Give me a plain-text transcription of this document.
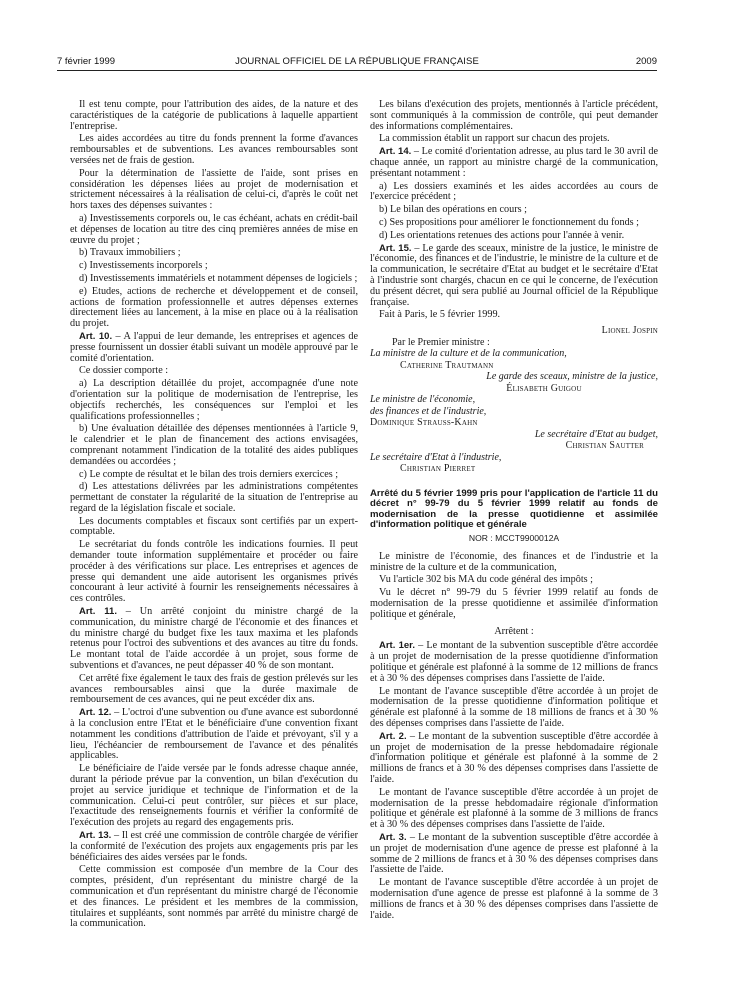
7 février 1999	JOURNAL OFFICIEL DE LA RÉPUBLIQUE FRANÇAISE	2009

Il est tenu compte, pour l'attribution des aides, de la nature et des caractéristiques de la catégorie de publications à laquelle appartient l'entreprise.

Les aides accordées au titre du fonds prennent la forme d'avances remboursables et de subventions. Les avances remboursables sont versées net de frais de gestion.

Pour la détermination de l'assiette de l'aide, sont prises en considération les dépenses liées au projet de modernisation et strictement nécessaires à la réalisation de celui-ci, d'après le coût net hors taxes des dépenses suivantes :

a) Investissements corporels ou, le cas échéant, achats en crédit-bail et dépenses de location au titre des cinq premières années de mise en œuvre du projet ;

b) Travaux immobiliers ;

c) Investissements incorporels ;

d) Investissements immatériels et notamment dépenses de logiciels ;

e) Etudes, actions de recherche et développement et de conseil, actions de formation professionnelle et autres dépenses externes directement liées au lancement, à la mise en place ou à la réalisation du projet.

Art. 10. – A l'appui de leur demande, les entreprises et agences de presse fournissent un dossier établi suivant un modèle approuvé par le comité d'orientation.

Ce dossier comporte :

a) La description détaillée du projet, accompagnée d'une note d'orientation sur la politique de modernisation de l'entreprise, les objectifs recherchés, les conséquences sur l'emploi et les qualifications professionnelles ;

b) Une évaluation détaillée des dépenses mentionnées à l'article 9, le calendrier et le plan de financement des actions envisagées, comprenant notamment l'indication de la totalité des aides publiques demandées ou accordées ;

c) Le compte de résultat et le bilan des trois derniers exercices ;

d) Les attestations délivrées par les administrations compétentes permettant de constater la régularité de la situation de l'entreprise au regard de la législation fiscale et sociale.

Les documents comptables et fiscaux sont certifiés par un expert-comptable.

Le secrétariat du fonds contrôle les indications fournies. Il peut demander toute information supplémentaire et procéder ou faire procéder à des vérifications sur place. Les entreprises et agences de presse qui demandent une aide autorisent les organismes privés concourant à leur activité à fournir les renseignements nécessaires à ces contrôles.

Art. 11. – Un arrêté conjoint du ministre chargé de la communication, du ministre chargé de l'économie et des finances et du ministre chargé du budget fixe les taux maxima et les plafonds retenus pour l'octroi des subventions et des avances au titre du fonds. Le montant total de l'aide accordée à un projet, sous forme de subventions et d'avances, ne peut dépasser 40 % de son montant.

Cet arrêté fixe également le taux des frais de gestion prélevés sur les avances remboursables ainsi que la durée maximale de remboursement de ces avances, qui ne peut excéder dix ans.

Art. 12. – L'octroi d'une subvention ou d'une avance est subordonné à la conclusion entre l'Etat et le bénéficiaire d'une convention fixant notamment les conditions d'attribution de l'aide et prévoyant, s'il y a lieu, l'échéancier de remboursement de l'avance et des pénalités applicables.

Le bénéficiaire de l'aide versée par le fonds adresse chaque année, durant la période prévue par la convention, un bilan d'exécution du projet au service juridique et technique de l'information et de la communication. Celui-ci peut contrôler, sur pièces et sur place, l'exactitude des renseignements fournis et vérifier la conformité de l'exécution des projets au regard des engagements pris.

Art. 13. – Il est créé une commission de contrôle chargée de vérifier la conformité de l'exécution des projets aux engagements pris par les bénéficiaires des aides versées par le fonds.

Cette commission est composée d'un membre de la Cour des comptes, président, d'un représentant du ministre chargé de la communication et d'un représentant du ministre chargé de l'économie et des finances. Le président et les membres de la commission, titulaires et suppléants, sont nommés par arrêté du ministre chargé de la communication.

Les bilans d'exécution des projets, mentionnés à l'article précédent, sont communiqués à la commission de contrôle, qui peut demander des informations complémentaires.

La commission établit un rapport sur chacun des projets.

Art. 14. – Le comité d'orientation adresse, au plus tard le 30 avril de chaque année, un rapport au ministre chargé de la communication, présentant notamment :

a) Les dossiers examinés et les aides accordées au cours de l'exercice précédent ;

b) Le bilan des opérations en cours ;

c) Ses propositions pour améliorer le fonctionnement du fonds ;

d) Les orientations retenues des actions pour l'année à venir.

Art. 15. – Le garde des sceaux, ministre de la justice, le ministre de l'économie, des finances et de l'industrie, le ministre de la culture et de la communication, le secrétaire d'Etat au budget et le secrétaire d'Etat à l'industrie sont chargés, chacun en ce qui le concerne, de l'exécution du présent décret, qui sera publié au Journal officiel de la République française.

Fait à Paris, le 5 février 1999.

Lionel Jospin
Par le Premier ministre :
La ministre de la culture et de la communication,
Catherine Trautmann
Le garde des sceaux, ministre de la justice,
Élisabeth Guigou
Le ministre de l'économie,
des finances et de l'industrie,
Dominique Strauss-Kahn
Le secrétaire d'Etat au budget,
Christian Sautter
Le secrétaire d'Etat à l'industrie,
Christian Pierret
Arrêté du 5 février 1999 pris pour l'application de l'article 11 du décret n° 99-79 du 5 février 1999 relatif au fonds de modernisation de la presse quotidienne et assimilée d'information politique et générale
NOR : MCCT9900012A

Le ministre de l'économie, des finances et de l'industrie et la ministre de la culture et de la communication,

Vu l'article 302 bis MA du code général des impôts ;

Vu le décret n° 99-79 du 5 février 1999 relatif au fonds de modernisation de la presse quotidienne et assimilée d'information politique et générale,

Arrêtent :

Art. 1er. – Le montant de la subvention susceptible d'être accordée à un projet de modernisation de la presse quotidienne d'information politique et générale est plafonné à la somme de 12 millions de francs et à 30 % des dépenses comprises dans l'assiette de l'aide.

Le montant de l'avance susceptible d'être accordée à un projet de modernisation de la presse quotidienne d'information politique et générale est plafonné à la somme de 18 millions de francs et à 30 % des dépenses comprises dans l'assiette de l'aide.

Art. 2. – Le montant de la subvention susceptible d'être accordée à un projet de modernisation de la presse hebdomadaire régionale d'information politique et générale est plafonné à la somme de 2 millions de francs et à 30 % des dépenses comprises dans l'assiette de l'aide.

Le montant de l'avance susceptible d'être accordée à un projet de modernisation de la presse hebdomadaire régionale d'information politique et générale est plafonné à la somme de 3 millions de francs et à 30 % des dépenses comprises dans l'assiette de l'aide.

Art. 3. – Le montant de la subvention susceptible d'être accordée à un projet de modernisation d'une agence de presse est plafonné à la somme de 2 millions de francs et à 30 % des dépenses comprises dans l'assiette de l'aide.

Le montant de l'avance susceptible d'être accordée à un projet de modernisation d'une agence de presse est plafonné à la somme de 3 millions de francs et à 30 % des dépenses comprises dans l'assiette de l'aide.
